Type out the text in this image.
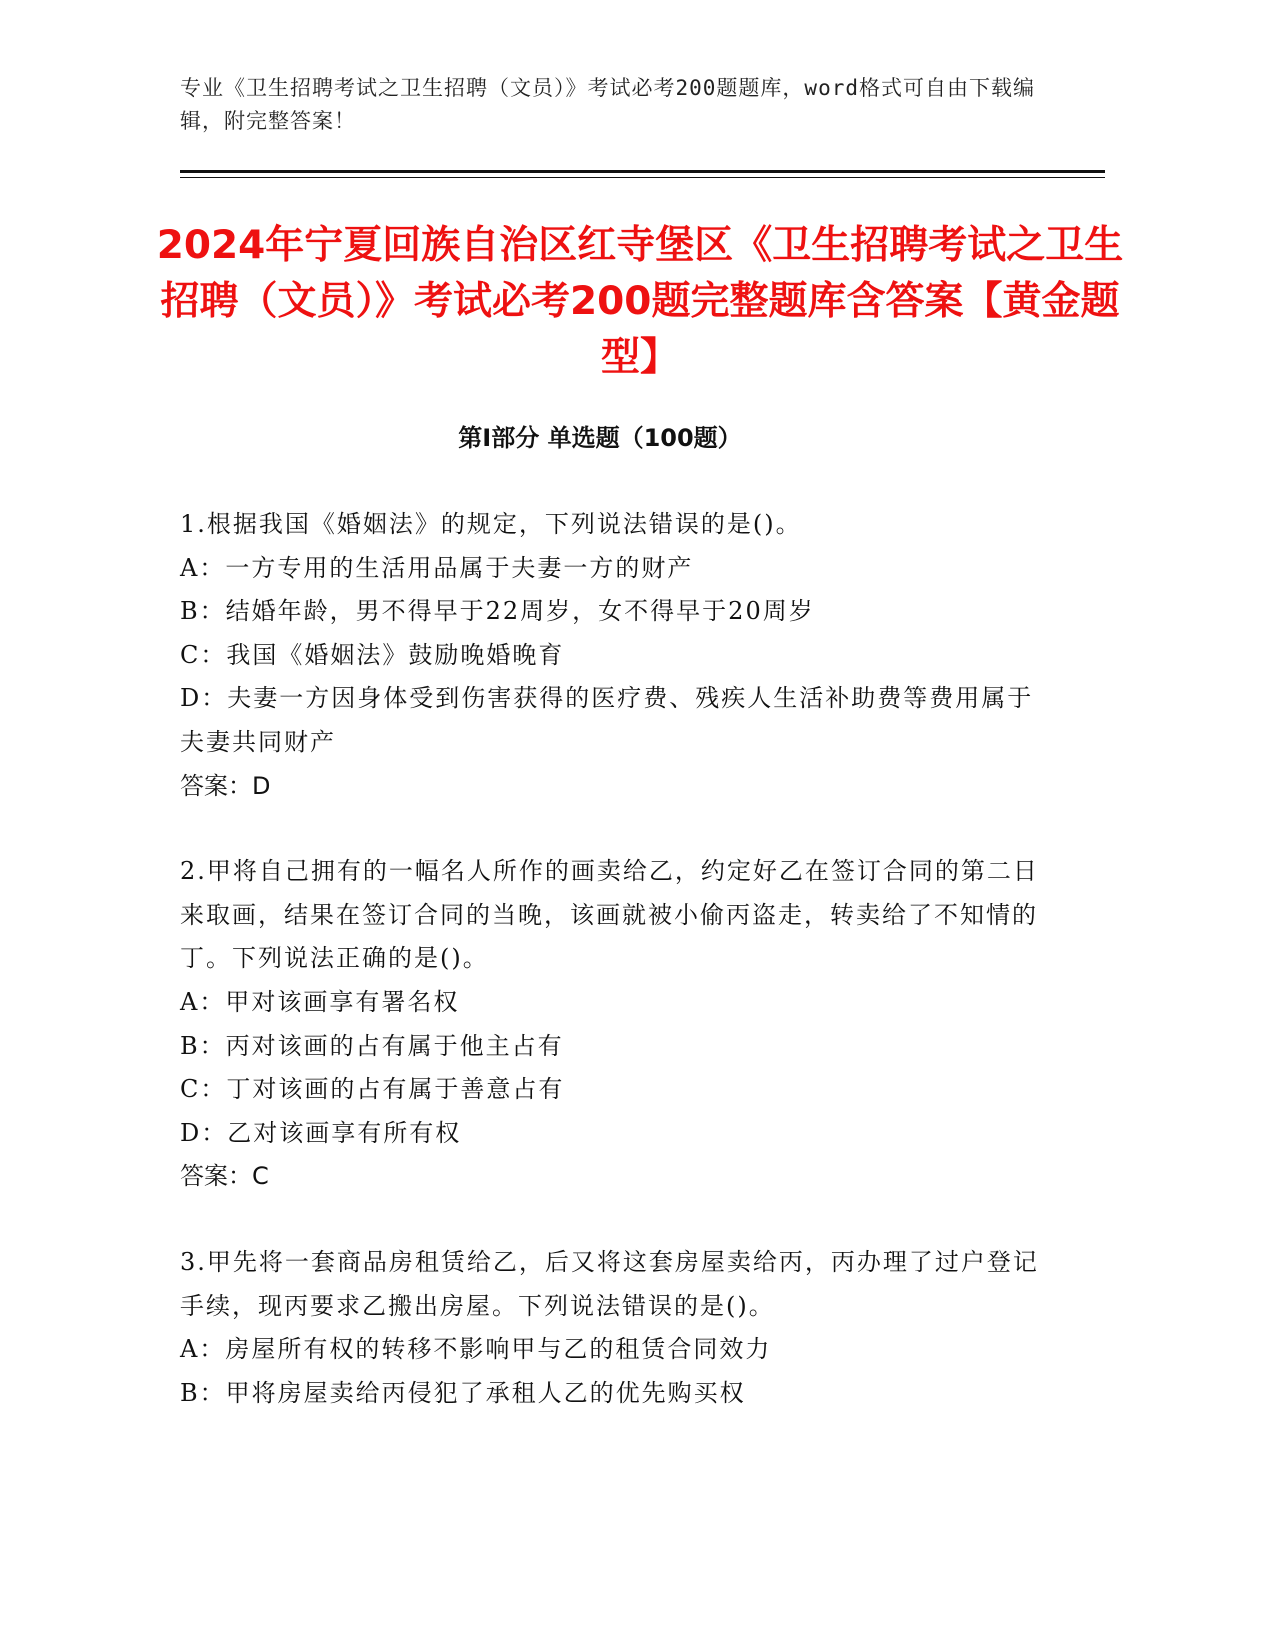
专业《卫生招聘考试之卫生招聘（文员）》考试必考200题题库，word格式可自由下载编辑，附完整答案！
2024年宁夏回族自治区红寺堡区《卫生招聘考试之卫生招聘（文员）》考试必考200题完整题库含答案【黄金题型】
第I部分 单选题（100题）
1.根据我国《婚姻法》的规定，下列说法错误的是()。
A：一方专用的生活用品属于夫妻一方的财产
B：结婚年龄，男不得早于22周岁，女不得早于20周岁
C：我国《婚姻法》鼓励晚婚晚育
D：夫妻一方因身体受到伤害获得的医疗费、残疾人生活补助费等费用属于夫妻共同财产
答案：D
2.甲将自己拥有的一幅名人所作的画卖给乙，约定好乙在签订合同的第二日来取画，结果在签订合同的当晚，该画就被小偷丙盗走，转卖给了不知情的丁。下列说法正确的是()。
A：甲对该画享有署名权
B：丙对该画的占有属于他主占有
C：丁对该画的占有属于善意占有
D：乙对该画享有所有权
答案：C
3.甲先将一套商品房租赁给乙，后又将这套房屋卖给丙，丙办理了过户登记手续，现丙要求乙搬出房屋。下列说法错误的是()。
A：房屋所有权的转移不影响甲与乙的租赁合同效力
B：甲将房屋卖给丙侵犯了承租人乙的优先购买权
